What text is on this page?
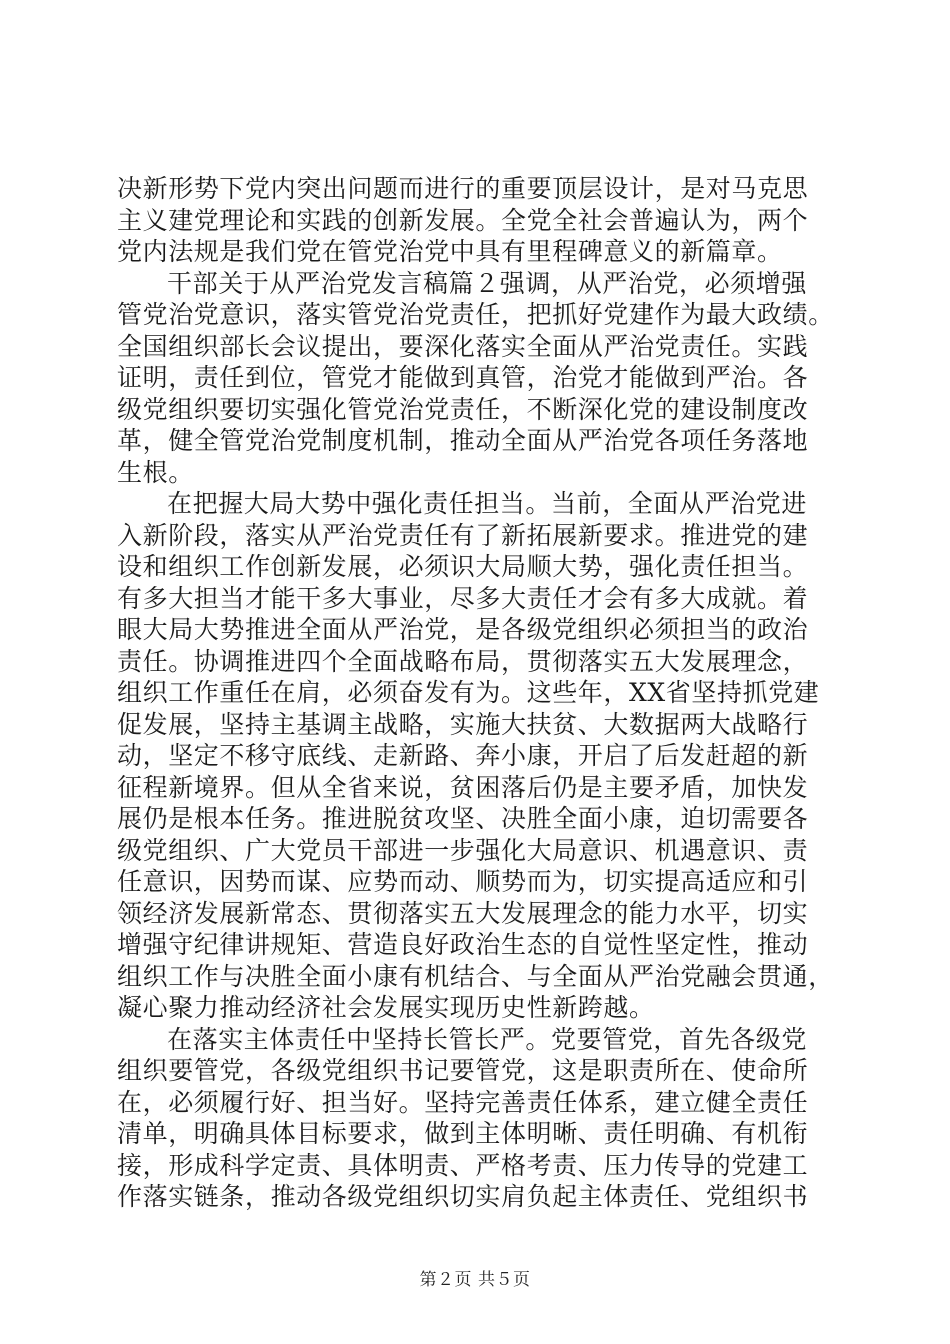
决新形势下党内突出问题而进行的重要顶层设计，是对马克思
主义建党理论和实践的创新发展。全党全社会普遍认为，两个
党内法规是我们党在管党治党中具有里程碑意义的新篇章。
干部关于从严治党发言稿篇２强调，从严治党，必须增强
管党治党意识，落实管党治党责任，把抓好党建作为最大政绩。
全国组织部长会议提出，要深化落实全面从严治党责任。实践
证明，责任到位，管党才能做到真管，治党才能做到严治。各
级党组织要切实强化管党治党责任，不断深化党的建设制度改
革，健全管党治党制度机制，推动全面从严治党各项任务落地
生根。
在把握大局大势中强化责任担当。当前，全面从严治党进
入新阶段，落实从严治党责任有了新拓展新要求。推进党的建
设和组织工作创新发展，必须识大局顺大势，强化责任担当。
有多大担当才能干多大事业，尽多大责任才会有多大成就。着
眼大局大势推进全面从严治党，是各级党组织必须担当的政治
责任。协调推进四个全面战略布局，贯彻落实五大发展理念，
组织工作重任在肩，必须奋发有为。这些年，XX省坚持抓党建
促发展，坚持主基调主战略，实施大扶贫、大数据两大战略行
动，坚定不移守底线、走新路、奔小康，开启了后发赶超的新
征程新境界。但从全省来说，贫困落后仍是主要矛盾，加快发
展仍是根本任务。推进脱贫攻坚、决胜全面小康，迫切需要各
级党组织、广大党员干部进一步强化大局意识、机遇意识、责
任意识，因势而谋、应势而动、顺势而为，切实提高适应和引
领经济发展新常态、贯彻落实五大发展理念的能力水平，切实
增强守纪律讲规矩、营造良好政治生态的自觉性坚定性，推动
组织工作与决胜全面小康有机结合、与全面从严治党融会贯通，
凝心聚力推动经济社会发展实现历史性新跨越。
在落实主体责任中坚持长管长严。党要管党，首先各级党
组织要管党，各级党组织书记要管党，这是职责所在、使命所
在，必须履行好、担当好。坚持完善责任体系，建立健全责任
清单，明确具体目标要求，做到主体明晰、责任明确、有机衔
接，形成科学定责、具体明责、严格考责、压力传导的党建工
作落实链条，推动各级党组织切实肩负起主体责任、党组织书
第２页 共５页
